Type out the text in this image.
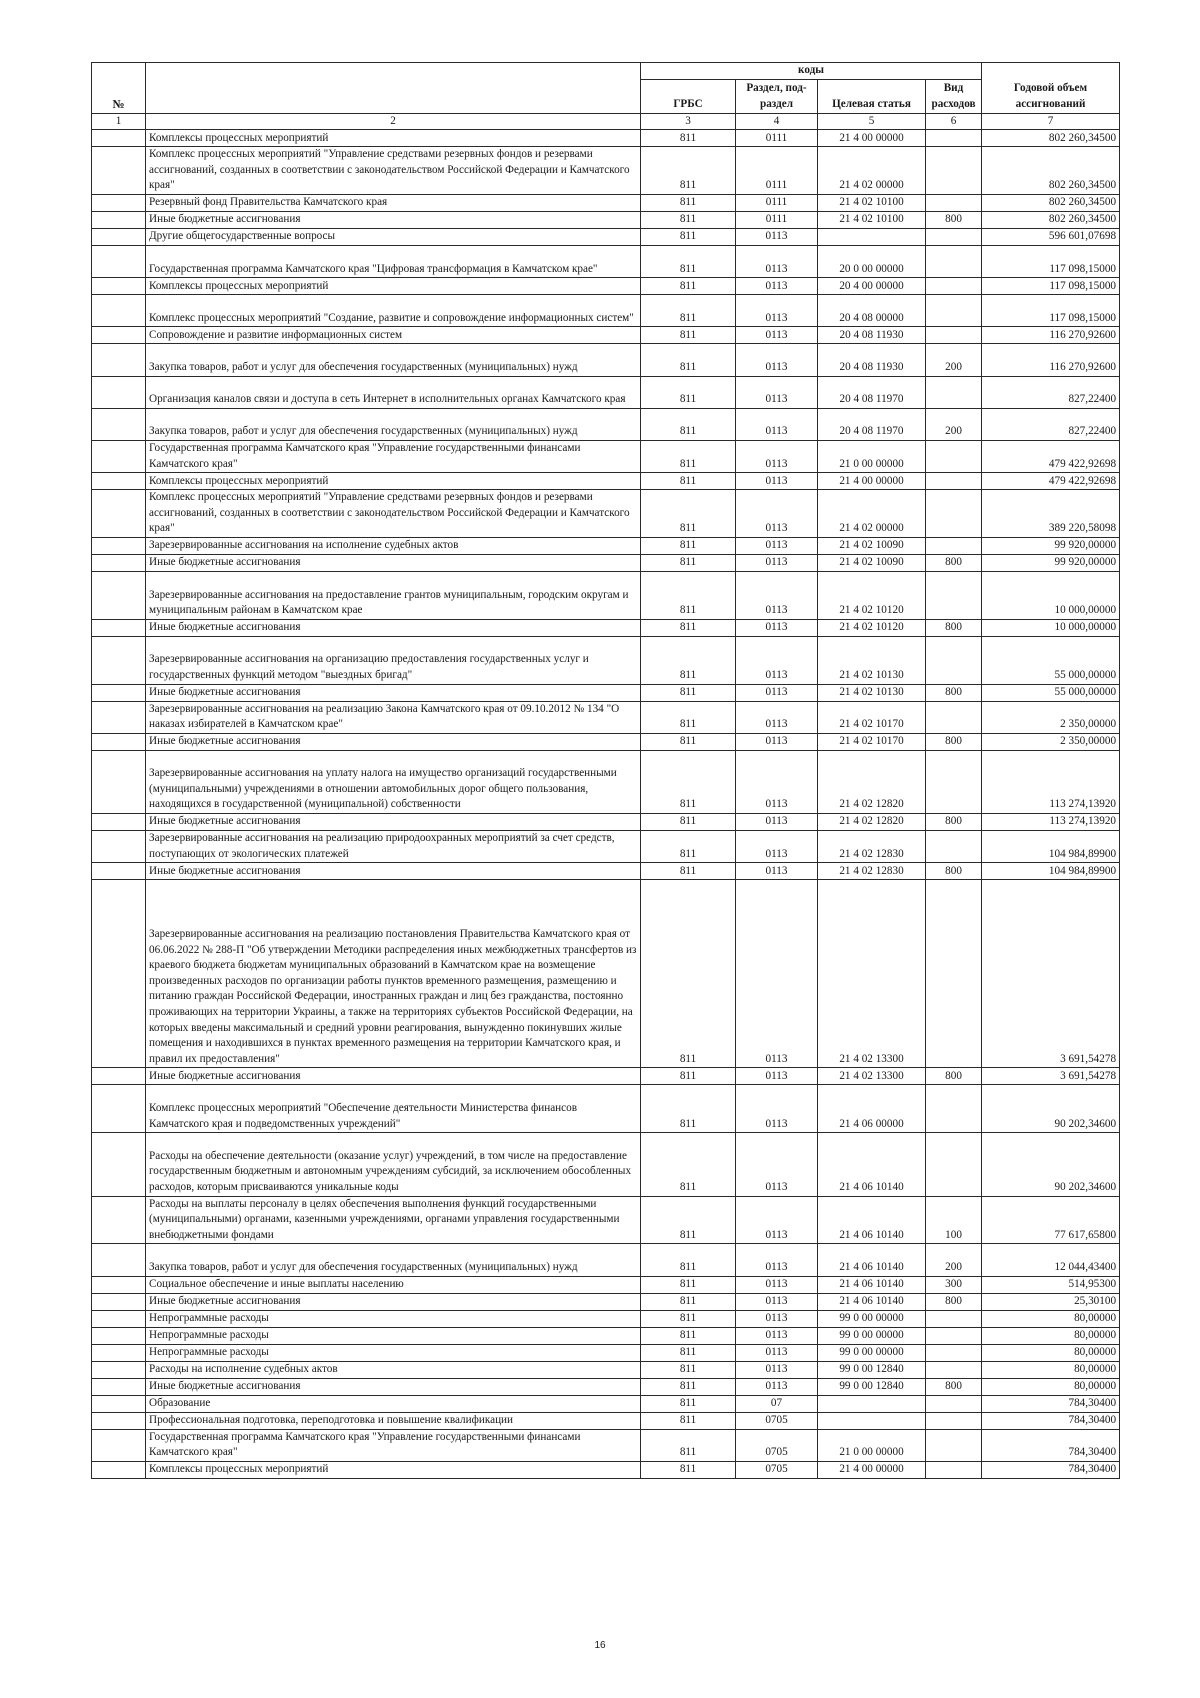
№		коды				Годовой объем ассигнований
		ГРБС	Раздел, под-раздел	Целевая статья	Вид расходов	
1	2	3	4	5	6	7
	Комплексы процессных мероприятий	811	0111	21 4 00 00000		802 260,34500
	Комплекс процессных мероприятий "Управление средствами резервных фондов и резервами ассигнований, созданных в соответствии с законодательством Российской Федерации и Камчатского края"	811	0111	21 4 02 00000		802 260,34500
	Резервный фонд Правительства Камчатского края	811	0111	21 4 02 10100		802 260,34500
	Иные бюджетные ассигнования	811	0111	21 4 02 10100	800	802 260,34500
	Другие общегосударственные вопросы	811	0113			596 601,07698
	Государственная программа Камчатского края "Цифровая трансформация в Камчатском крае"	811	0113	20 0 00 00000		117 098,15000
	Комплексы процессных мероприятий	811	0113	20 4 00 00000		117 098,15000
	Комплекс процессных мероприятий "Создание, развитие и сопровождение информационных систем"	811	0113	20 4 08 00000		117 098,15000
	Сопровождение и развитие информационных систем	811	0113	20 4 08 11930		116 270,92600
	Закупка товаров, работ и услуг для обеспечения государственных (муниципальных) нужд	811	0113	20 4 08 11930	200	116 270,92600
	Организация каналов связи и доступа в сеть Интернет в исполнительных органах Камчатского края	811	0113	20 4 08 11970		827,22400
	Закупка товаров, работ и услуг для обеспечения государственных (муниципальных) нужд	811	0113	20 4 08 11970	200	827,22400
	Государственная программа Камчатского края "Управление государственными финансами Камчатского края"	811	0113	21 0 00 00000		479 422,92698
	Комплексы процессных мероприятий	811	0113	21 4 00 00000		479 422,92698
	Комплекс процессных мероприятий "Управление средствами резервных фондов и резервами ассигнований, созданных в соответствии с законодательством Российской Федерации и Камчатского края"	811	0113	21 4 02 00000		389 220,58098
	Зарезервированные ассигнования на исполнение судебных актов	811	0113	21 4 02 10090		99 920,00000
	Иные бюджетные ассигнования	811	0113	21 4 02 10090	800	99 920,00000
	Зарезервированные ассигнования на предоставление грантов муниципальным, городским округам и муниципальным районам в Камчатском крае	811	0113	21 4 02 10120		10 000,00000
	Иные бюджетные ассигнования	811	0113	21 4 02 10120	800	10 000,00000
	Зарезервированные ассигнования на организацию предоставления государственных услуг и государственных функций методом "выездных бригад"	811	0113	21 4 02 10130		55 000,00000
	Иные бюджетные ассигнования	811	0113	21 4 02 10130	800	55 000,00000
	Зарезервированные ассигнования на реализацию Закона Камчатского края от 09.10.2012 № 134 "О наказах избирателей в Камчатском крае"	811	0113	21 4 02 10170		2 350,00000
	Иные бюджетные ассигнования	811	0113	21 4 02 10170	800	2 350,00000
	Зарезервированные ассигнования на уплату налога на имущество организаций государственными (муниципальными) учреждениями в отношении автомобильных дорог общего пользования, находящихся в государственной (муниципальной) собственности	811	0113	21 4 02 12820		113 274,13920
	Иные бюджетные ассигнования	811	0113	21 4 02 12820	800	113 274,13920
	Зарезервированные ассигнования на реализацию природоохранных мероприятий за счет средств, поступающих от экологических платежей	811	0113	21 4 02 12830		104 984,89900
	Иные бюджетные ассигнования	811	0113	21 4 02 12830	800	104 984,89900
	Зарезервированные ассигнования на реализацию постановления Правительства Камчатского края от 06.06.2022 № 288-П "Об утверждении Методики распределения иных межбюджетных трансфертов из краевого бюджета бюджетам муниципальных образований в Камчатском крае на возмещение произведенных расходов по организации работы пунктов временного размещения, размещению и питанию граждан Российской Федерации, иностранных граждан и лиц без гражданства, постоянно проживающих на территории Украины, а также на территориях субъектов Российской Федерации, на которых введены максимальный и средний уровни реагирования, вынужденно покинувших жилые помещения и находившихся в пунктах временного размещения на территории Камчатского края, и правил их предоставления"	811	0113	21 4 02 13300		3 691,54278
	Иные бюджетные ассигнования	811	0113	21 4 02 13300	800	3 691,54278
	Комплекс процессных мероприятий "Обеспечение деятельности Министерства финансов Камчатского края и подведомственных учреждений"	811	0113	21 4 06 00000		90 202,34600
	Расходы на обеспечение деятельности (оказание услуг) учреждений, в том числе на предоставление государственным бюджетным и автономным учреждениям субсидий, за исключением обособленных расходов, которым присваиваются уникальные коды	811	0113	21 4 06 10140		90 202,34600
	Расходы на выплаты персоналу в целях обеспечения выполнения функций государственными (муниципальными) органами, казенными учреждениями, органами управления государственными внебюджетными фондами	811	0113	21 4 06 10140	100	77 617,65800
	Закупка товаров, работ и услуг для обеспечения государственных (муниципальных) нужд	811	0113	21 4 06 10140	200	12 044,43400
	Социальное обеспечение и иные выплаты населению	811	0113	21 4 06 10140	300	514,95300
	Иные бюджетные ассигнования	811	0113	21 4 06 10140	800	25,30100
	Непрограммные расходы	811	0113	99 0 00 00000		80,00000
	Непрограммные расходы	811	0113	99 0 00 00000		80,00000
	Непрограммные расходы	811	0113	99 0 00 00000		80,00000
	Расходы на исполнение судебных актов	811	0113	99 0 00 12840		80,00000
	Иные бюджетные ассигнования	811	0113	99 0 00 12840	800	80,00000
	Образование	811	07			784,30400
	Профессиональная подготовка, переподготовка и повышение квалификации	811	0705			784,30400
	Государственная программа Камчатского края "Управление государственными финансами Камчатского края"	811	0705	21 0 00 00000		784,30400
	Комплексы процессных мероприятий	811	0705	21 4 00 00000		784,30400
16
